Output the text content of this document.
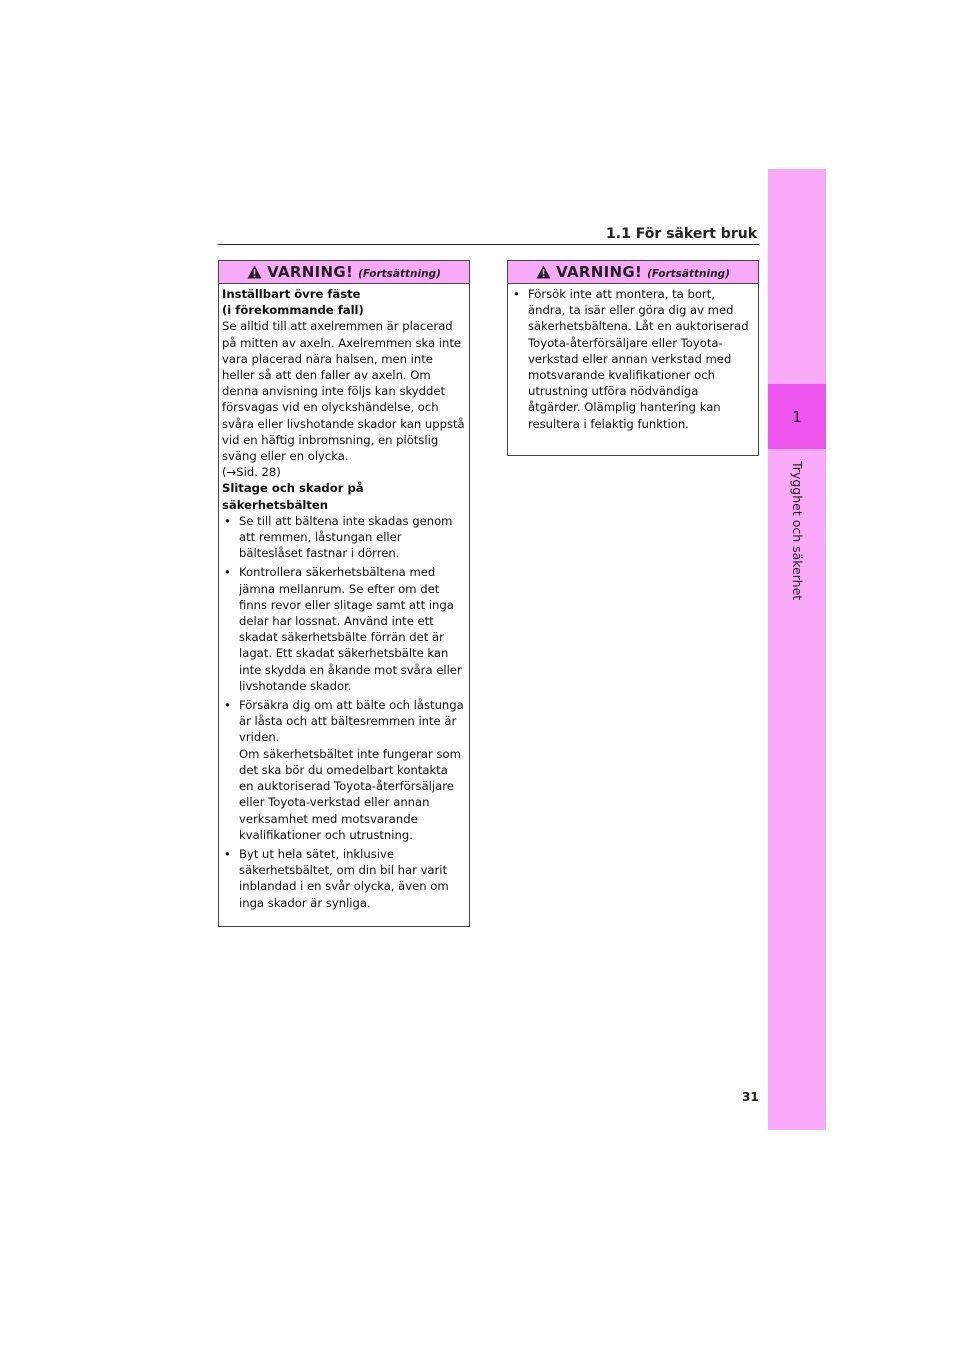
1.1 För säkert bruk
VARNING! (Fortsättning)

Inställbart övre fäste

(i förekommande fall)

Se alltid till att axelremmen är placerad på mitten av axeln. Axelremmen ska inte vara placerad nära halsen, men inte heller så att den faller av axeln. Om denna anvisning inte följs kan skyddet försvagas vid en olyckshändelse, och svåra eller livshotande skador kan uppstå vid en häftig inbromsning, en plötslig sväng eller en olycka.

(→Sid. 28)

Slitage och skador på säkerhetsbälten

• Se till att bältena inte skadas genom att remmen, låstungan eller bälteslåset fastnar i dörren.
• Kontrollera säkerhetsbältena med jämna mellanrum. Se efter om det finns revor eller slitage samt att inga delar har lossnat. Använd inte ett skadat säkerhetsbälte förrän det är lagat. Ett skadat säkerhetsbälte kan inte skydda en åkande mot svåra eller livshotande skador.
• Försäkra dig om att bälte och låstunga är låsta och att bältesremmen inte är vriden.
Om säkerhetsbältet inte fungerar som det ska bör du omedelbart kontakta en auktoriserad Toyota-återförsäljare eller Toyota-verkstad eller annan verksamhet med motsvarande kvalifikationer och utrustning.
• Byt ut hela sätet, inklusive säkerhetsbältet, om din bil har varit inblandad i en svår olycka, även om inga skador är synliga.
VARNING! (Fortsättning)
• Försök inte att montera, ta bort, ändra, ta isär eller göra dig av med säkerhetsbältena. Låt en auktoriserad Toyota-återförsäljare eller Toyota-verkstad eller annan verkstad med motsvarande kvalifikationer och utrustning utföra nödvändiga åtgärder. Olämplig hantering kan resultera i felaktig funktion.
31
1
Trygghet och säkerhet
